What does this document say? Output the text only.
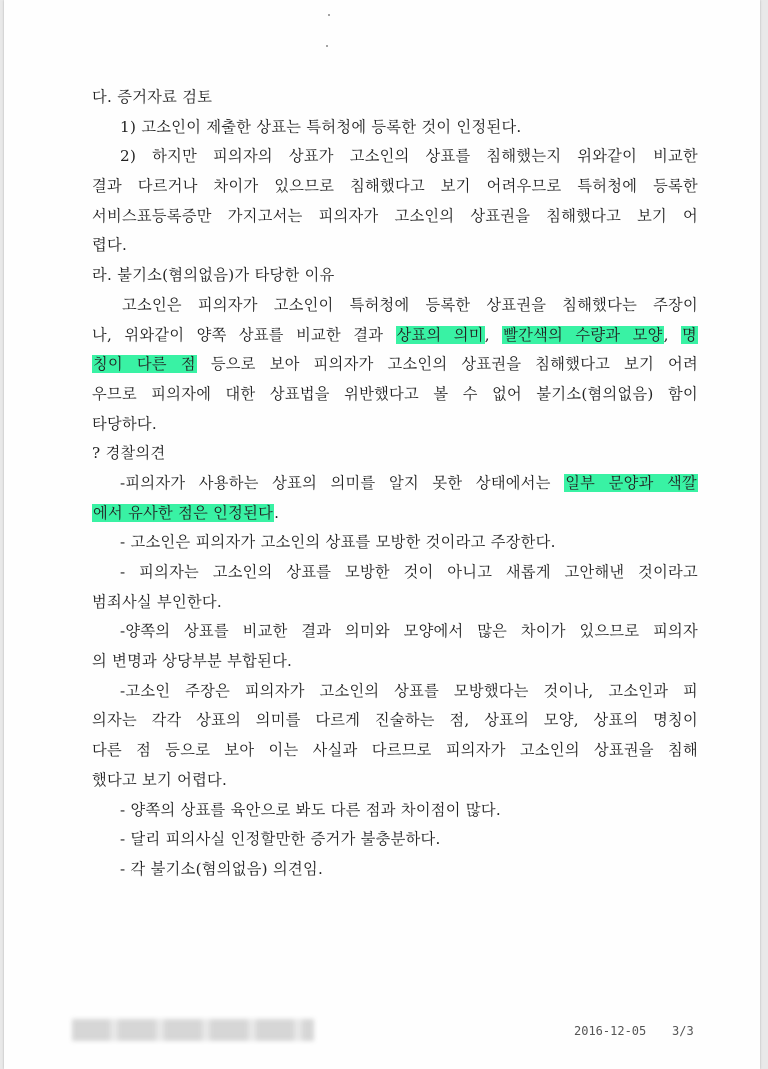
다. 증거자료 검토
1) 고소인이 제출한 상표는 특허청에 등록한 것이 인정된다.
2) 하지만 피의자의 상표가 고소인의 상표를 침해했는지 위와같이 비교한
결과 다르거나 차이가 있으므로 침해했다고 보기 어려우므로 특허청에 등록한
서비스표등록증만 가지고서는 피의자가 고소인의 상표권을 침해했다고 보기 어
렵다.
라. 불기소(혐의없음)가 타당한 이유
고소인은 피의자가 고소인이 특허청에 등록한 상표권을 침해했다는 주장이
나, 위와같이 양쪽 상표를 비교한 결과 상표의 의미, 빨간색의 수량과 모양, 명
칭이 다른 점 등으로 보아 피의자가 고소인의 상표권을 침해했다고 보기 어려
우므로 피의자에 대한 상표법을 위반했다고 볼 수 없어 불기소(혐의없음) 함이
타당하다.
? 경찰의견
-피의자가 사용하는 상표의 의미를 알지 못한 상태에서는 일부 문양과 색깔
에서 유사한 점은 인정된다.
- 고소인은 피의자가 고소인의 상표를 모방한 것이라고 주장한다.
- 피의자는 고소인의 상표를 모방한 것이 아니고 새롭게 고안해낸 것이라고
범죄사실 부인한다.
-양쪽의 상표를 비교한 결과 의미와 모양에서 많은 차이가 있으므로 피의자
의 변명과 상당부분 부합된다.
-고소인 주장은 피의자가 고소인의 상표를 모방했다는 것이나, 고소인과 피
의자는 각각 상표의 의미를 다르게 진술하는 점, 상표의 모양, 상표의 명칭이
다른 점 등으로 보아 이는 사실과 다르므로 피의자가 고소인의 상표권을 침해
했다고 보기 어렵다.
- 양쪽의 상표를 육안으로 봐도 다른 점과 차이점이 많다.
- 달리 피의사실 인정할만한 증거가 불충분하다.
- 각 불기소(혐의없음) 의견임.
2016-12-05 3/3
